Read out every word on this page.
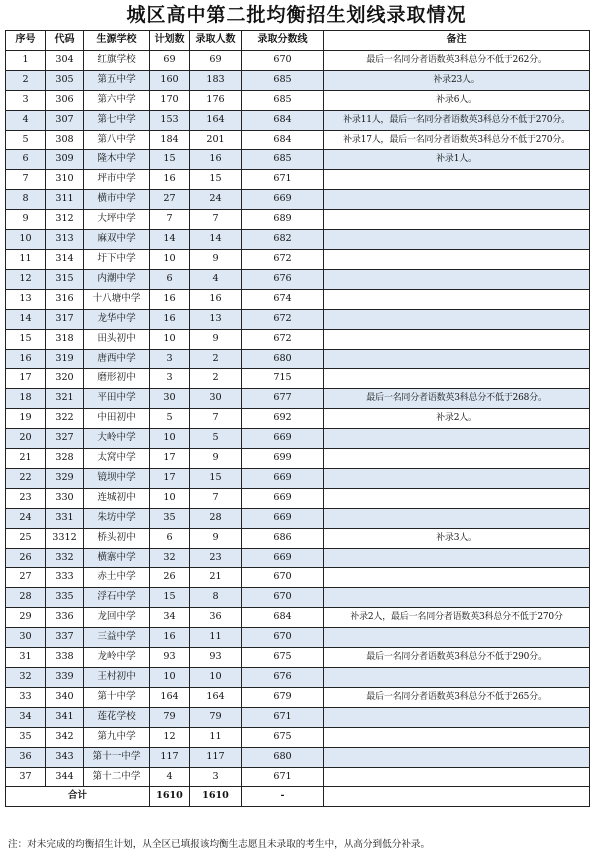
城区高中第二批均衡招生划线录取情况
序号	代码	生源学校	计划数	录取人数	录取分数线	备注
1	304	红旗学校	69	69	670	最后一名同分者语数英3科总分不低于262分。
2	305	第五中学	160	183	685	补录23人。
3	306	第六中学	170	176	685	补录6人。
4	307	第七中学	153	164	684	补录11人，最后一名同分者语数英3科总分不低于270分。
5	308	第八中学	184	201	684	补录17人，最后一名同分者语数英3科总分不低于270分。
6	309	隆木中学	15	16	685	补录1人。
7	310	坪市中学	16	15	671	
8	311	横市中学	27	24	669	
9	312	大坪中学	7	7	689	
10	313	麻双中学	14	14	682	
11	314	圩下中学	10	9	672	
12	315	内潮中学	6	4	676	
13	316	十八塘中学	16	16	674	
14	317	龙华中学	16	13	672	
15	318	田头初中	10	9	672	
16	319	唐西中学	3	2	680	
17	320	磨形初中	3	2	715	
18	321	平田中学	30	30	677	最后一名同分者语数英3科总分不低于268分。
19	322	中田初中	5	7	692	补录2人。
20	327	大岭中学	10	5	669	
21	328	太窝中学	17	9	699	
22	329	镜坝中学	17	15	669	
23	330	连城初中	10	7	669	
24	331	朱坊中学	35	28	669	
25	3312	桥头初中	6	9	686	补录3人。
26	332	横寨中学	32	23	669	
27	333	赤土中学	26	21	670	
28	335	浮石中学	15	8	670	
29	336	龙回中学	34	36	684	补录2人，最后一名同分者语数英3科总分不低于270分
30	337	三益中学	16	11	670	
31	338	龙岭中学	93	93	675	最后一名同分者语数英3科总分不低于290分。
32	339	王村初中	10	10	676	
33	340	第十中学	164	164	679	最后一名同分者语数英3科总分不低于265分。
34	341	莲花学校	79	79	671	
35	342	第九中学	12	11	675	
36	343	第十一中学	117	117	680	
37	344	第十二中学	4	3	671	
合计			1610	1610	-	
注：对未完成的均衡招生计划，从全区已填报该均衡生志愿且未录取的考生中，从高分到低分补录。
